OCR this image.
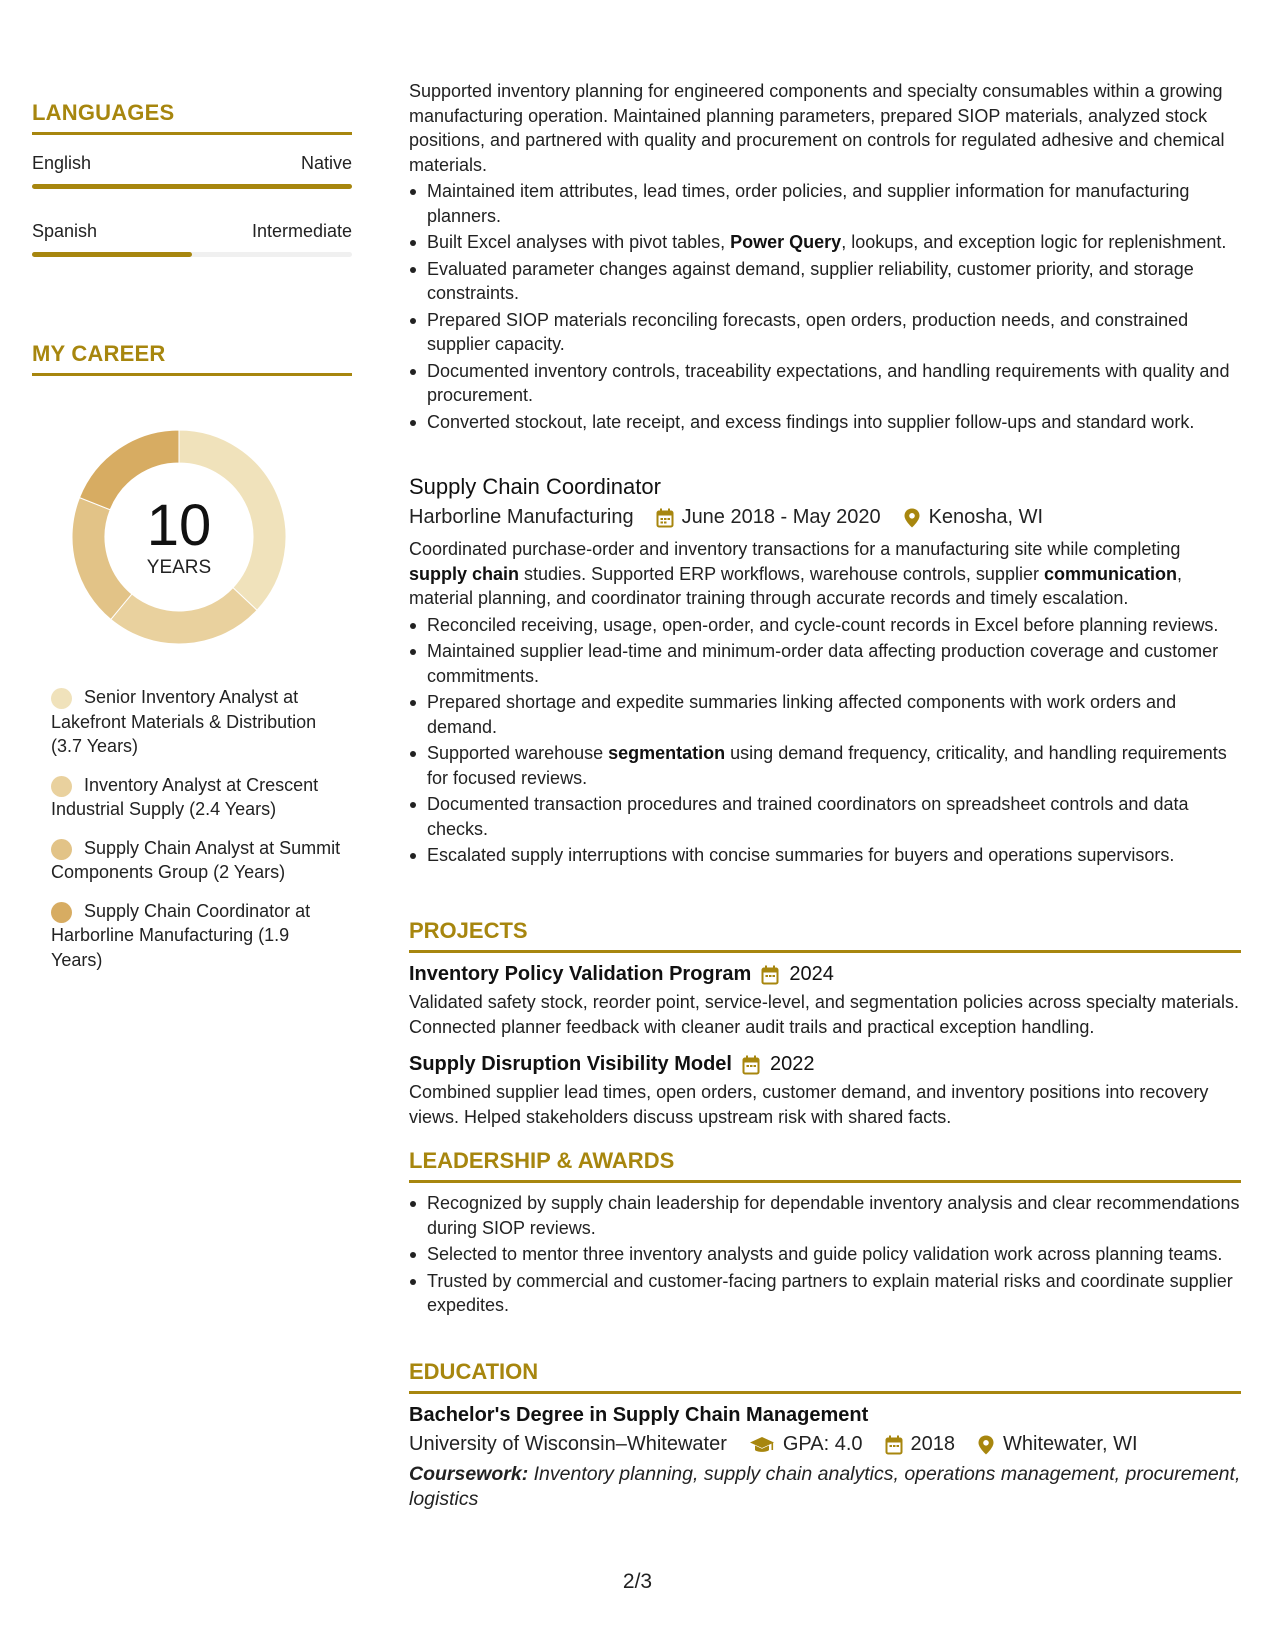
LANGUAGES
English	Native
Spanish	Intermediate
MY CAREER
10
YEARS
Senior Inventory Analyst at Lakefront Materials & Distribution (3.7 Years)
Inventory Analyst at Crescent Industrial Supply (2.4 Years)
Supply Chain Analyst at Summit Components Group (2 Years)
Supply Chain Coordinator at Harborline Manufacturing (1.9 Years)

Supported inventory planning for engineered components and specialty consumables within a growing manufacturing operation. Maintained planning parameters, prepared SIOP materials, analyzed stock positions, and partnered with quality and procurement on controls for regulated adhesive and chemical materials.

Maintained item attributes, lead times, order policies, and supplier information for manufacturing planners.
Built Excel analyses with pivot tables, Power Query, lookups, and exception logic for replenishment.
Evaluated parameter changes against demand, supplier reliability, customer priority, and storage constraints.
Prepared SIOP materials reconciling forecasts, open orders, production needs, and constrained supplier capacity.
Documented inventory controls, traceability expectations, and handling requirements with quality and procurement.
Converted stockout, late receipt, and excess findings into supplier follow-ups and standard work.
Supply Chain Coordinator
Harborline Manufacturing June 2018 - May 2020 Kenosha, WI

Coordinated purchase-order and inventory transactions for a manufacturing site while completing supply chain studies. Supported ERP workflows, warehouse controls, supplier communication, material planning, and coordinator training through accurate records and timely escalation.

Reconciled receiving, usage, open-order, and cycle-count records in Excel before planning reviews.
Maintained supplier lead-time and minimum-order data affecting production coverage and customer commitments.
Prepared shortage and expedite summaries linking affected components with work orders and demand.
Supported warehouse segmentation using demand frequency, criticality, and handling requirements for focused reviews.
Documented transaction procedures and trained coordinators on spreadsheet controls and data checks.
Escalated supply interruptions with concise summaries for buyers and operations supervisors.
PROJECTS
Inventory Policy Validation Program 2024

Validated safety stock, reorder point, service-level, and segmentation policies across specialty materials. Connected planner feedback with cleaner audit trails and practical exception handling.

Supply Disruption Visibility Model 2022

Combined supplier lead times, open orders, customer demand, and inventory positions into recovery views. Helped stakeholders discuss upstream risk with shared facts.

LEADERSHIP & AWARDS
Recognized by supply chain leadership for dependable inventory analysis and clear recommendations during SIOP reviews.
Selected to mentor three inventory analysts and guide policy validation work across planning teams.
Trusted by commercial and customer-facing partners to explain material risks and coordinate supplier expedites.
EDUCATION
Bachelor's Degree in Supply Chain Management
University of Wisconsin–Whitewater	GPA: 4.0 2018 Whitewater, WI

Coursework: Inventory planning, supply chain analytics, operations management, procurement, logistics

2/3
